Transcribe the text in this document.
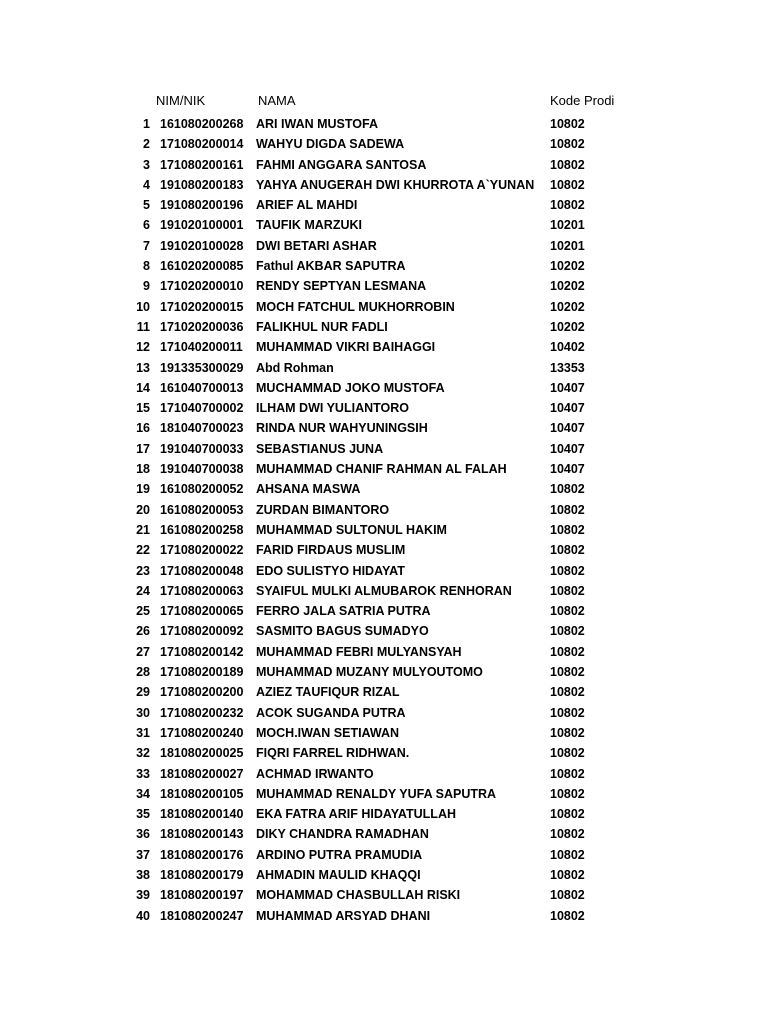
NIM/NIK	NAMA	Kode Prodi
1 161080200268 ARI IWAN MUSTOFA	10802
2 171080200014 WAHYU DIGDA SADEWA	10802
3 171080200161 FAHMI ANGGARA SANTOSA	10802
4 191080200183 YAHYA ANUGERAH DWI KHURROTA A`YUNAN 10802
5 191080200196 ARIEF AL MAHDI	10802
6 191020100001 TAUFIK MARZUKI	10201
7 191020100028 DWI BETARI ASHAR	10201
8 161020200085 Fathul AKBAR SAPUTRA	10202
9 171020200010 RENDY SEPTYAN LESMANA	10202
10 171020200015 MOCH FATCHUL MUKHORROBIN	10202
11 171020200036 FALIKHUL NUR FADLI	10202
12 171040200011 MUHAMMAD VIKRI BAIHAGGI	10402
13 191335300029 Abd Rohman	13353
14 161040700013 MUCHAMMAD JOKO MUSTOFA	10407
15 171040700002 ILHAM DWI YULIANTORO	10407
16 181040700023 RINDA NUR WAHYUNINGSIH	10407
17 191040700033 SEBASTIANUS JUNA	10407
18 191040700038 MUHAMMAD CHANIF RAHMAN AL FALAH	10407
19 161080200052 AHSANA MASWA	10802
20 161080200053 ZURDAN BIMANTORO	10802
21 161080200258 MUHAMMAD SULTONUL HAKIM	10802
22 171080200022 FARID FIRDAUS MUSLIM	10802
23 171080200048 EDO SULISTYO HIDAYAT	10802
24 171080200063 SYAIFUL MULKI ALMUBAROK RENHORAN	10802
25 171080200065 FERRO JALA SATRIA PUTRA	10802
26 171080200092 SASMITO BAGUS SUMADYO	10802
27 171080200142 MUHAMMAD FEBRI MULYANSYAH	10802
28 171080200189 MUHAMMAD MUZANY MULYOUTOMO	10802
29 171080200200 AZIEZ TAUFIQUR RIZAL	10802
30 171080200232 ACOK SUGANDA PUTRA	10802
31 171080200240 MOCH.IWAN SETIAWAN	10802
32 181080200025 FIQRI FARREL RIDHWAN.	10802
33 181080200027 ACHMAD IRWANTO	10802
34 181080200105 MUHAMMAD RENALDY YUFA SAPUTRA	10802
35 181080200140 EKA FATRA ARIF HIDAYATULLAH	10802
36 181080200143 DIKY CHANDRA RAMADHAN	10802
37 181080200176 ARDINO PUTRA PRAMUDIA	10802
38 181080200179 AHMADIN MAULID KHAQQI	10802
39 181080200197 MOHAMMAD CHASBULLAH RISKI	10802
40 181080200247 MUHAMMAD ARSYAD DHANI	10802
